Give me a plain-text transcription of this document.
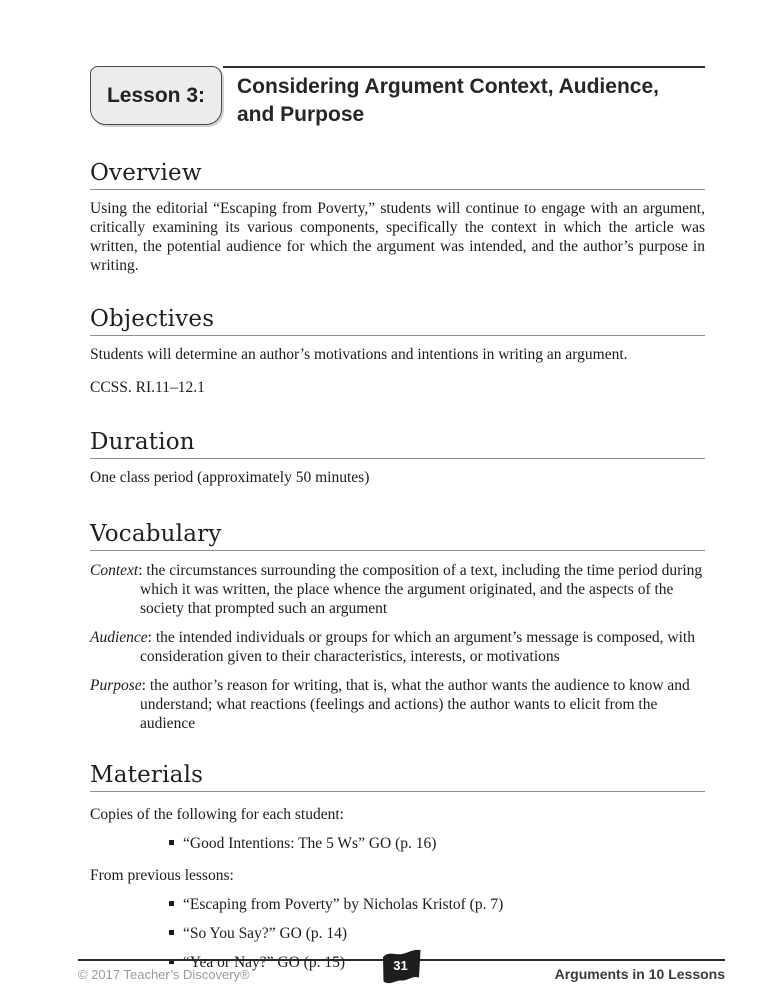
Lesson 3: Considering Argument Context, Audience, and Purpose
Overview

Using the editorial “Escaping from Poverty,” students will continue to engage with an argument, critically examining its various components, specifically the context in which the article was written, the potential audience for which the argument was intended, and the author’s purpose in writing.

Objectives

Students will determine an author’s motivations and intentions in writing an argument.

CCSS. RI.11–12.1

Duration

One class period (approximately 50 minutes)

Vocabulary
Context: the circumstances surrounding the composition of a text, including the time period during which it was written, the place whence the argument originated, and the aspects of the society that prompted such an argument
Audience: the intended individuals or groups for which an argument’s message is composed, with consideration given to their characteristics, interests, or motivations
Purpose: the author’s reason for writing, that is, what the author wants the audience to know and understand; what reactions (feelings and actions) the author wants to elicit from the audience
Materials

Copies of the following for each student:

“Good Intentions: The 5 Ws” GO (p. 16)

From previous lessons:

“Escaping from Poverty” by Nicholas Kristof (p. 7)
“So You Say?” GO (p. 14)
“Yea or Nay?” GO (p. 15)	31
© 2017 Teacher’s Discovery®	Arguments in 10 Lessons
